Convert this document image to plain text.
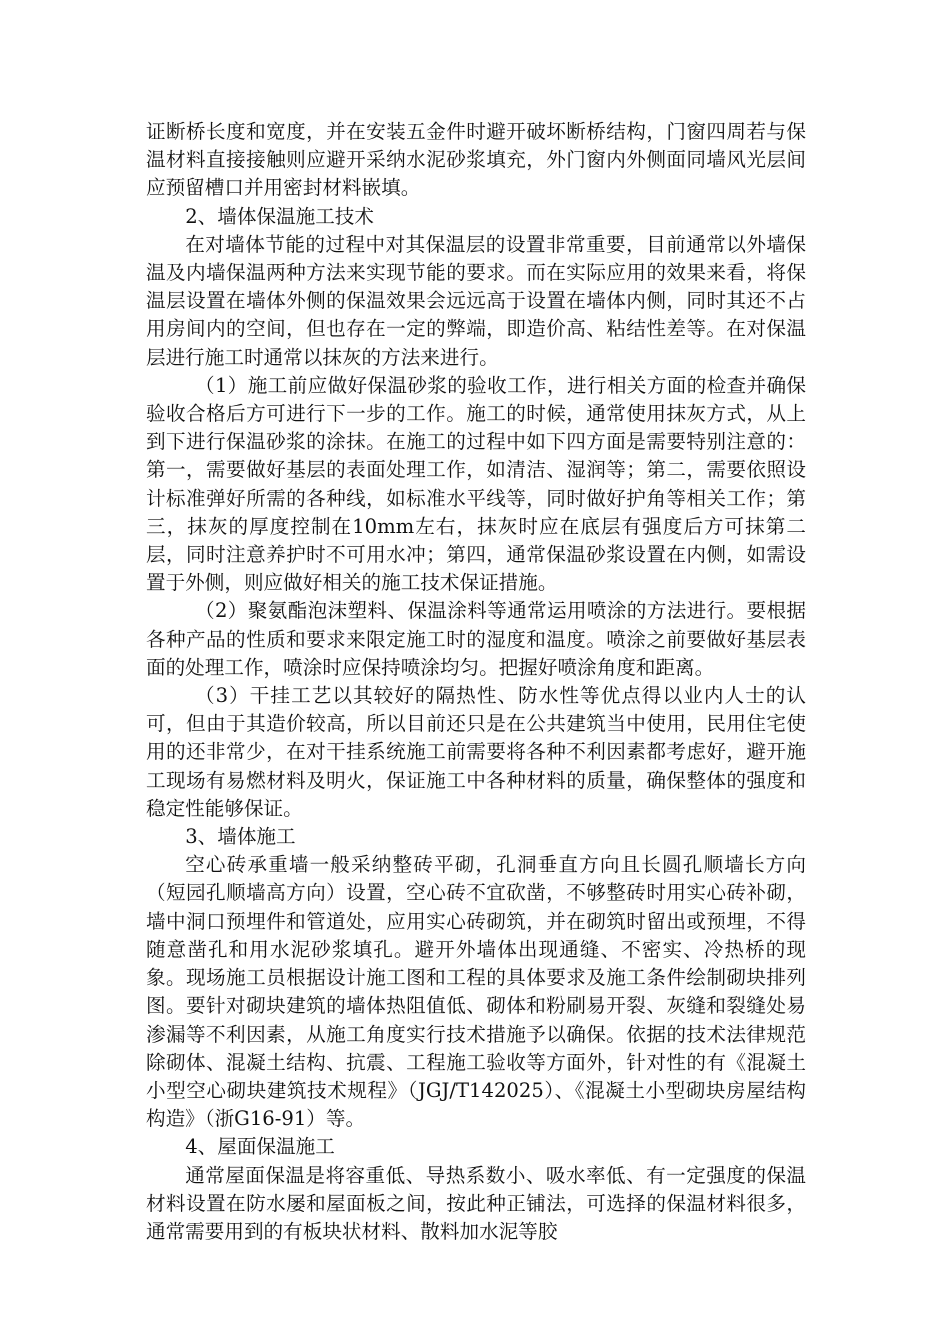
证断桥长度和宽度，并在安装五金件时避开破坏断桥结构，门窗四周若与保温材料直接接触则应避开采纳水泥砂浆填充，外门窗内外侧面同墙风光层间应预留槽口并用密封材料嵌填。

2、墙体保温施工技术

在对墙体节能的过程中对其保温层的设置非常重要，目前通常以外墙保温及内墙保温两种方法来实现节能的要求。而在实际应用的效果来看，将保温层设置在墙体外侧的保温效果会远远高于设置在墙体内侧，同时其还不占用房间内的空间，但也存在一定的弊端，即造价高、粘结性差等。在对保温层进行施工时通常以抹灰的方法来进行。

（1）施工前应做好保温砂浆的验收工作，进行相关方面的检查并确保验收合格后方可进行下一步的工作。施工的时候，通常使用抹灰方式，从上到下进行保温砂浆的涂抹。在施工的过程中如下四方面是需要特别注意的：第一，需要做好基层的表面处理工作，如清洁、湿润等；第二，需要依照设计标准弹好所需的各种线，如标准水平线等，同时做好护角等相关工作；第三，抹灰的厚度控制在10mm左右，抹灰时应在底层有强度后方可抹第二层，同时注意养护时不可用水冲；第四，通常保温砂浆设置在内侧，如需设置于外侧，则应做好相关的施工技术保证措施。

（2）聚氨酯泡沫塑料、保温涂料等通常运用喷涂的方法进行。要根据各种产品的性质和要求来限定施工时的湿度和温度。喷涂之前要做好基层表面的处理工作，喷涂时应保持喷涂均匀。把握好喷涂角度和距离。

（3）干挂工艺以其较好的隔热性、防水性等优点得以业内人士的认可，但由于其造价较高，所以目前还只是在公共建筑当中使用，民用住宅使用的还非常少，在对干挂系统施工前需要将各种不利因素都考虑好，避开施工现场有易燃材料及明火，保证施工中各种材料的质量，确保整体的强度和稳定性能够保证。

3、墙体施工

空心砖承重墙一般采纳整砖平砌，孔洞垂直方向且长圆孔顺墙长方向（短园孔顺墙高方向）设置，空心砖不宜砍凿，不够整砖时用实心砖补砌，墙中洞口预埋件和管道处，应用实心砖砌筑，并在砌筑时留出或预埋，不得随意凿孔和用水泥砂浆填孔。避开外墙体出现通缝、不密实、冷热桥的现象。现场施工员根据设计施工图和工程的具体要求及施工条件绘制砌块排列图。要针对砌块建筑的墙体热阻值低、砌体和粉刷易开裂、灰缝和裂缝处易渗漏等不利因素，从施工角度实行技术措施予以确保。依据的技术法律规范除砌体、混凝土结构、抗震、工程施工验收等方面外，针对性的有《混凝土小型空心砌块建筑技术规程》（JGJ/T142025）、《混凝土小型砌块房屋结构构造》（浙G16-91）等。

4、屋面保温施工

通常屋面保温是将容重低、导热系数小、吸水率低、有一定强度的保温材料设置在防水屡和屋面板之间，按此种正铺法，可选择的保温材料很多，通常需要用到的有板块状材料、散料加水泥等胶
